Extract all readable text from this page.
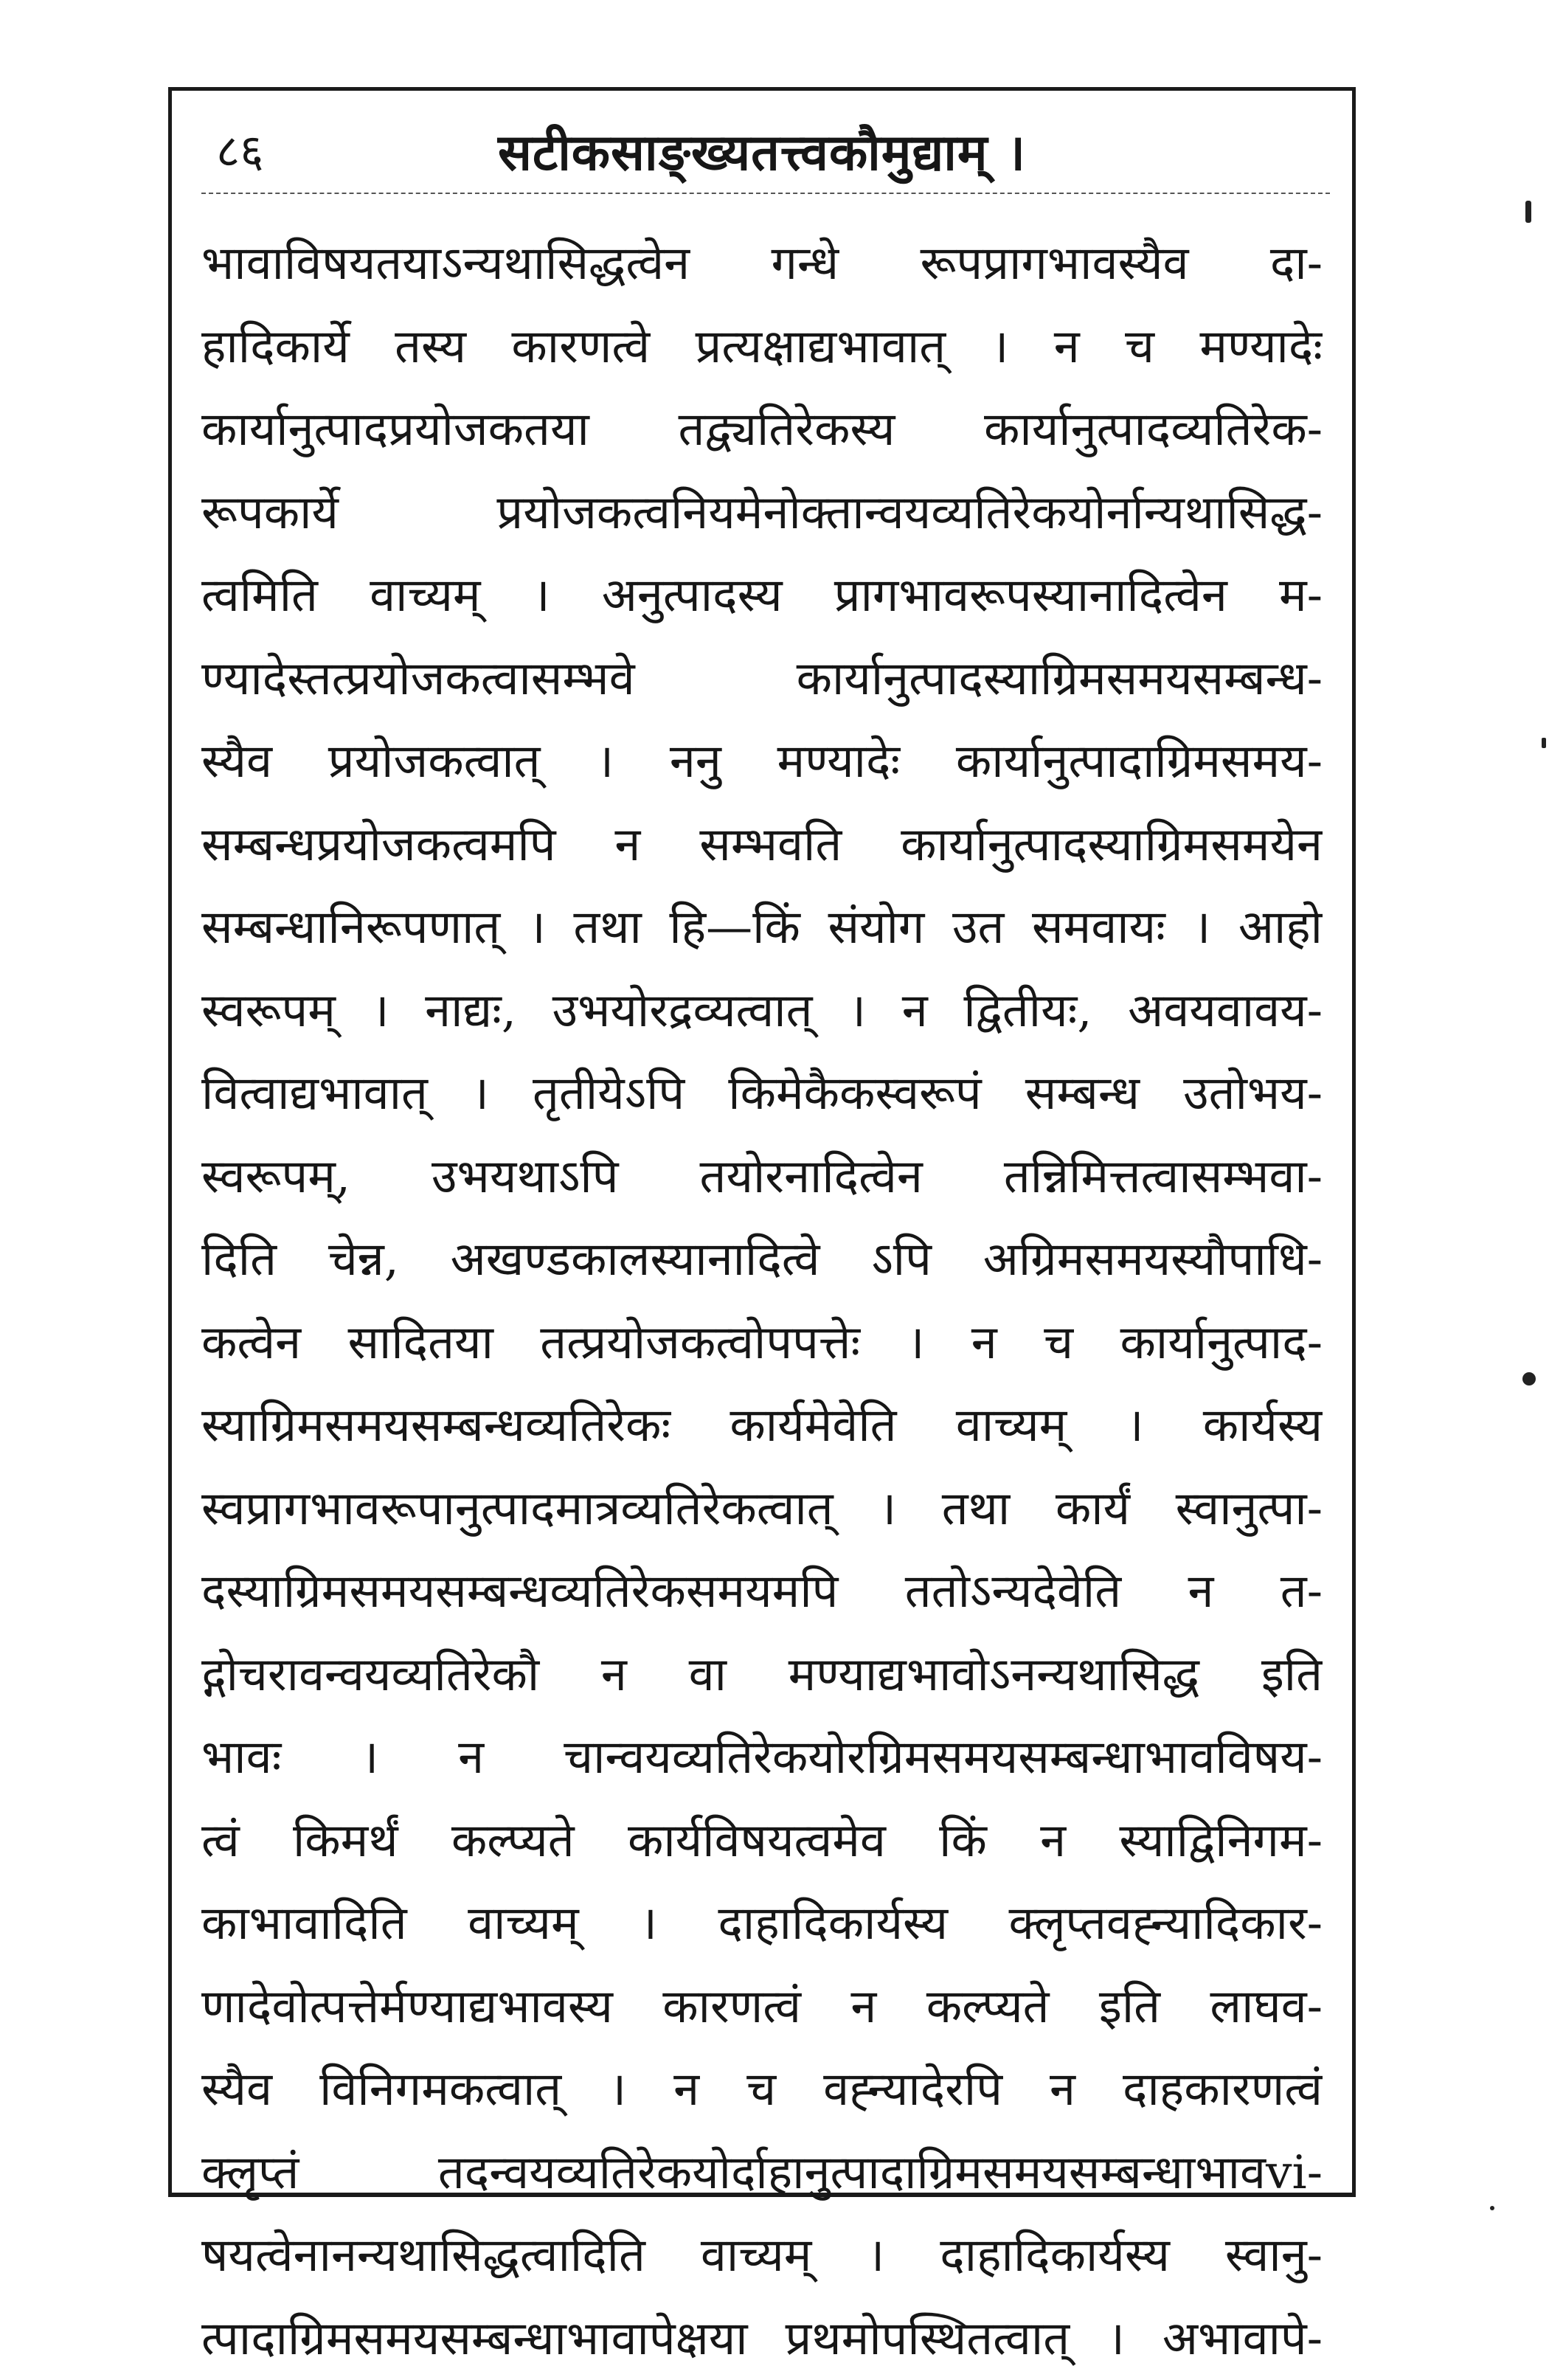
८६	सटीकसाङ्ख्यतत्त्वकौमुद्याम् ।
भावाविषयतयाऽन्यथासिद्धत्वेन गन्धे रूपप्रागभावस्यैव दा-
हादिकार्ये तस्य कारणत्वे प्रत्यक्षाद्यभावात् । न च मण्यादेः
कार्यानुत्पादप्रयोजकतया तद्व्यतिरेकस्य कार्यानुत्पादव्यतिरेक-
रूपकार्ये प्रयोजकत्वनियमेनोक्तान्वयव्यतिरेकयोर्नान्यथासिद्ध-
त्वमिति वाच्यम् । अनुत्पादस्य प्रागभावरूपस्यानादित्वेन म-
ण्यादेस्तत्प्रयोजकत्वासम्भवे कार्यानुत्पादस्याग्रिमसमयसम्बन्ध-
स्यैव प्रयोजकत्वात् । ननु मण्यादेः कार्यानुत्पादाग्रिमसमय-
सम्बन्धप्रयोजकत्वमपि न सम्भवति कार्यानुत्पादस्याग्रिमसमयेन
सम्बन्धानिरूपणात् । तथा हि—किं संयोग उत समवायः । आहो
स्वरूपम् । नाद्यः, उभयोरद्रव्यत्वात् । न द्वितीयः, अवयवावय-
वित्वाद्यभावात् । तृतीयेऽपि किमेकैकस्वरूपं सम्बन्ध उतोभय-
स्वरूपम्, उभयथाऽपि तयोरनादित्वेन तन्निमित्तत्वासम्भवा-
दिति चेन्न, अखण्डकालस्यानादित्वे ऽपि अग्रिमसमयस्यौपाधि-
कत्वेन सादितया तत्प्रयोजकत्वोपपत्तेः । न च कार्यानुत्पाद-
स्याग्रिमसमयसम्बन्धव्यतिरेकः कार्यमेवेति वाच्यम् । कार्यस्य
स्वप्रागभावरूपानुत्पादमात्रव्यतिरेकत्वात् । तथा कार्यं स्वानुत्पा-
दस्याग्रिमसमयसम्बन्धव्यतिरेकसमयमपि ततोऽन्यदेवेति न त-
द्गोचरावन्वयव्यतिरेकौ न वा मण्याद्यभावोऽनन्यथासिद्ध इति
भावः । न चान्वयव्यतिरेकयोरग्रिमसमयसम्बन्धाभावविषय-
त्वं किमर्थं कल्प्यते कार्यविषयत्वमेव किं न स्याद्विनिगम-
काभावादिति वाच्यम् । दाहादिकार्यस्य क्लृप्तवह्न्यादिकार-
णादेवोत्पत्तेर्मण्याद्यभावस्य कारणत्वं न कल्प्यते इति लाघव-
स्यैव विनिगमकत्वात् । न च वह्न्यादेरपि न दाहकारणत्वं
क्लृप्तं तदन्वयव्यतिरेकयोर्दाहानुत्पादाग्रिमसमयसम्बन्धाभावvi-
षयत्वेनानन्यथासिद्धत्वादिति वाच्यम् । दाहादिकार्यस्य स्वानु-
त्पादाग्रिमसमयसम्बन्धाभावापेक्षया प्रथमोपस्थितत्वात् । अभावापे-
